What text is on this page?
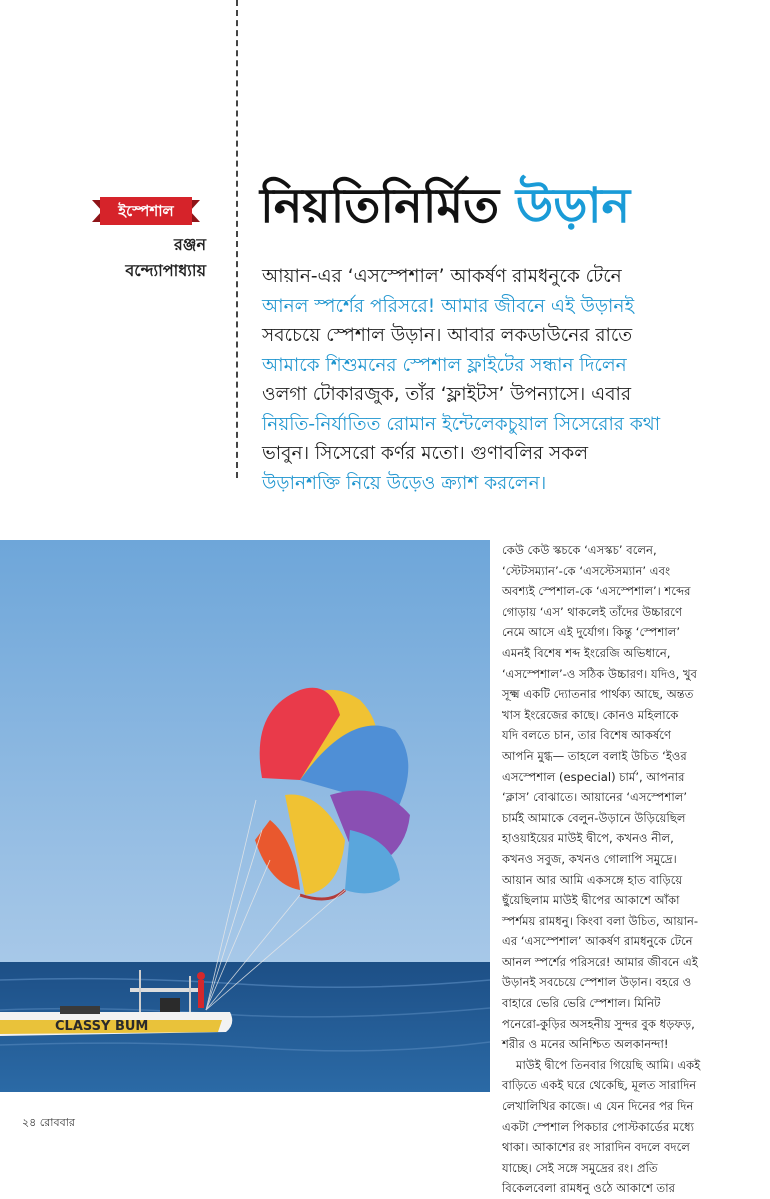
ইস্পেশাল
রঞ্জন
বন্দ্যোপাধ্যায়
নিয়তিনির্মিত উড়ান
আয়ান-এর ‘এসস্পেশাল’ আকর্ষণ রামধনুকে টেনে
আনল স্পর্শের পরিসরে! আমার জীবনে এই উড়ানই
সবচেয়ে স্পেশাল উড়ান। আবার লকডাউনের রাতে
আমাকে শিশুমনের স্পেশাল ফ্লাইটের সন্ধান দিলেন
ওলগা টোকারজুক, তাঁর ‘ফ্লাইটস’ উপন্যাসে। এবার
নিয়তি-নির্যাতিত রোমান ইন্টেলেকচুয়াল সিসেরোর কথা
ভাবুন। সিসেরো কর্ণর মতো। গুণাবলির সকল
উড়ানশক্তি নিয়ে উড়েও ক্র্যাশ করলেন।
CLASSY BUM
কেউ কেউ স্কচকে ‘এসস্কচ’ বলেন,
‘স্টেটসম্যান’-কে ‘এসস্টেসম্যান’ এবং
অবশ্যই স্পেশাল-কে ‘এসস্পেশাল’। শব্দের
গোড়ায় ‘এস’ থাকলেই তাঁদের উচ্চারণে
নেমে আসে এই দুর্যোগ। কিন্তু ‘স্পেশাল’
এমনই বিশেষ শব্দ ইংরেজি অভিধানে,
‘এসস্পেশাল’-ও সঠিক উচ্চারণ। যদিও, খুব
সূক্ষ্ম একটি দ্যোতনার পার্থক্য আছে, অন্তত
খাস ইংরেজের কাছে। কোনও মহিলাকে
যদি বলতে চান, তার বিশেষ আকর্ষণে
আপনি মুগ্ধ— তাহলে বলাই উচিত ‘ইওর
এসস্পেশাল (especial) চার্ম’, আপনার
‘ক্লাস’ বোঝাতে। আয়ানের ‘এসস্পেশাল’
চার্মই আমাকে বেলুন-উড়ানে উড়িয়েছিল
হাওয়াইয়ের মাউই দ্বীপে, কখনও নীল,
কখনও সবুজ, কখনও গোলাপি সমুদ্রে।
আয়ান আর আমি একসঙ্গে হাত বাড়িয়ে
ছুঁয়েছিলাম মাউই দ্বীপের আকাশে আঁকা
স্পর্শময় রামধনু। কিংবা বলা উচিত, আয়ান-
এর ‘এসস্পেশাল’ আকর্ষণ রামধনুকে টেনে
আনল স্পর্শের পরিসরে! আমার জীবনে এই
উড়ানই সবচেয়ে স্পেশাল উড়ান। বহরে ও
বাহারে ভেরি ভেরি স্পেশাল। মিনিট
পনেরো-কুড়ির অসহনীয় সুন্দর বুক ধড়ফড়,
শরীর ও মনের অনিশ্চিত অলকানন্দা!
মাউই দ্বীপে তিনবার গিয়েছি আমি। একই
বাড়িতে একই ঘরে থেকেছি, মূলত সারাদিন
লেখালিখির কাজে। এ যেন দিনের পর দিন
একটা স্পেশাল পিকচার পোস্টকার্ডের মধ্যে
থাকা। আকাশের রং সারাদিন বদলে বদলে
যাচ্ছে। সেই সঙ্গে সমুদ্রের রং। প্রতি
বিকেলবেলা রামধনু ওঠে আকাশে তার
২৪ রোববার
